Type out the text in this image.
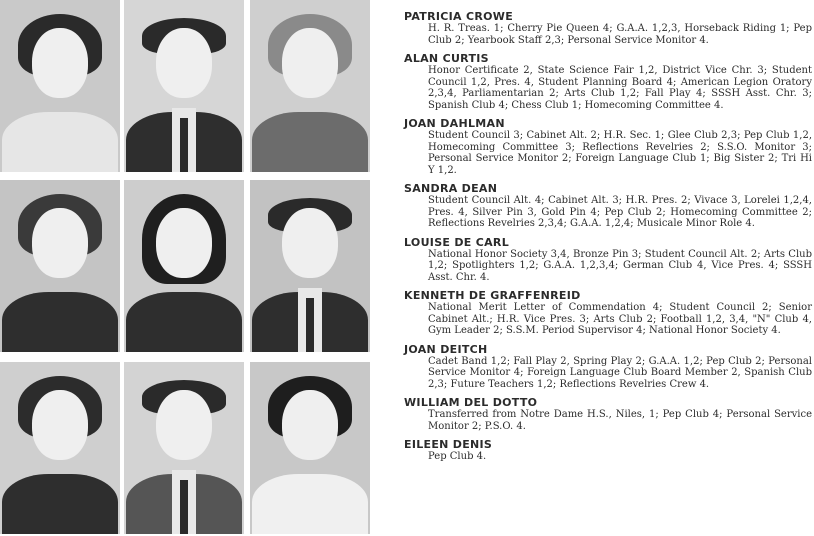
PATRICIA CROWE
H. R. Treas. 1; Cherry Pie Queen 4; G.A.A. 1,2,3, Horseback Riding 1; Pep Club 2; Yearbook Staff 2,3; Personal Service Monitor 4.
ALAN CURTIS
Honor Certificate 2, State Science Fair 1,2, District Vice Chr. 3; Student Council 1,2, Pres. 4, Student Planning Board 4; American Legion Oratory 2,3,4, Parliamentarian 2; Arts Club 1,2; Fall Play 4; SSSH Asst. Chr. 3; Spanish Club 4; Chess Club 1; Homecoming Committee 4.
JOAN DAHLMAN
Student Council 3; Cabinet Alt. 2; H.R. Sec. 1; Glee Club 2,3; Pep Club 1,2, Homecoming Committee 3; Reflections Revelries 2; S.S.O. Monitor 3; Personal Service Monitor 2; Foreign Language Club 1; Big Sister 2; Tri Hi Y 1,2.
SANDRA DEAN
Student Council Alt. 4; Cabinet Alt. 3; H.R. Pres. 2; Vivace 3, Lorelei 1,2,4, Pres. 4, Silver Pin 3, Gold Pin 4; Pep Club 2; Homecoming Committee 2; Reflections Revelries 2,3,4; G.A.A. 1,2,4; Musicale Minor Role 4.
LOUISE DE CARL
National Honor Society 3,4, Bronze Pin 3; Student Council Alt. 2; Arts Club 1,2; Spotlighters 1,2; G.A.A. 1,2,3,4; German Club 4, Vice Pres. 4; SSSH Asst. Chr. 4.
KENNETH DE GRAFFENREID
National Merit Letter of Commendation 4; Student Council 2; Senior Cabinet Alt.; H.R. Vice Pres. 3; Arts Club 2; Football 1,2, 3,4, "N" Club 4, Gym Leader 2; S.S.M. Period Supervisor 4; National Honor Society 4.
JOAN DEITCH
Cadet Band 1,2; Fall Play 2, Spring Play 2; G.A.A. 1,2; Pep Club 2; Personal Service Monitor 4; Foreign Language Club Board Member 2, Spanish Club 2,3; Future Teachers 1,2; Reflections Revelries Crew 4.
WILLIAM DEL DOTTO
Transferred from Notre Dame H.S., Niles, 1; Pep Club 4; Personal Service Monitor 2; P.S.O. 4.
EILEEN DENIS
Pep Club 4.
